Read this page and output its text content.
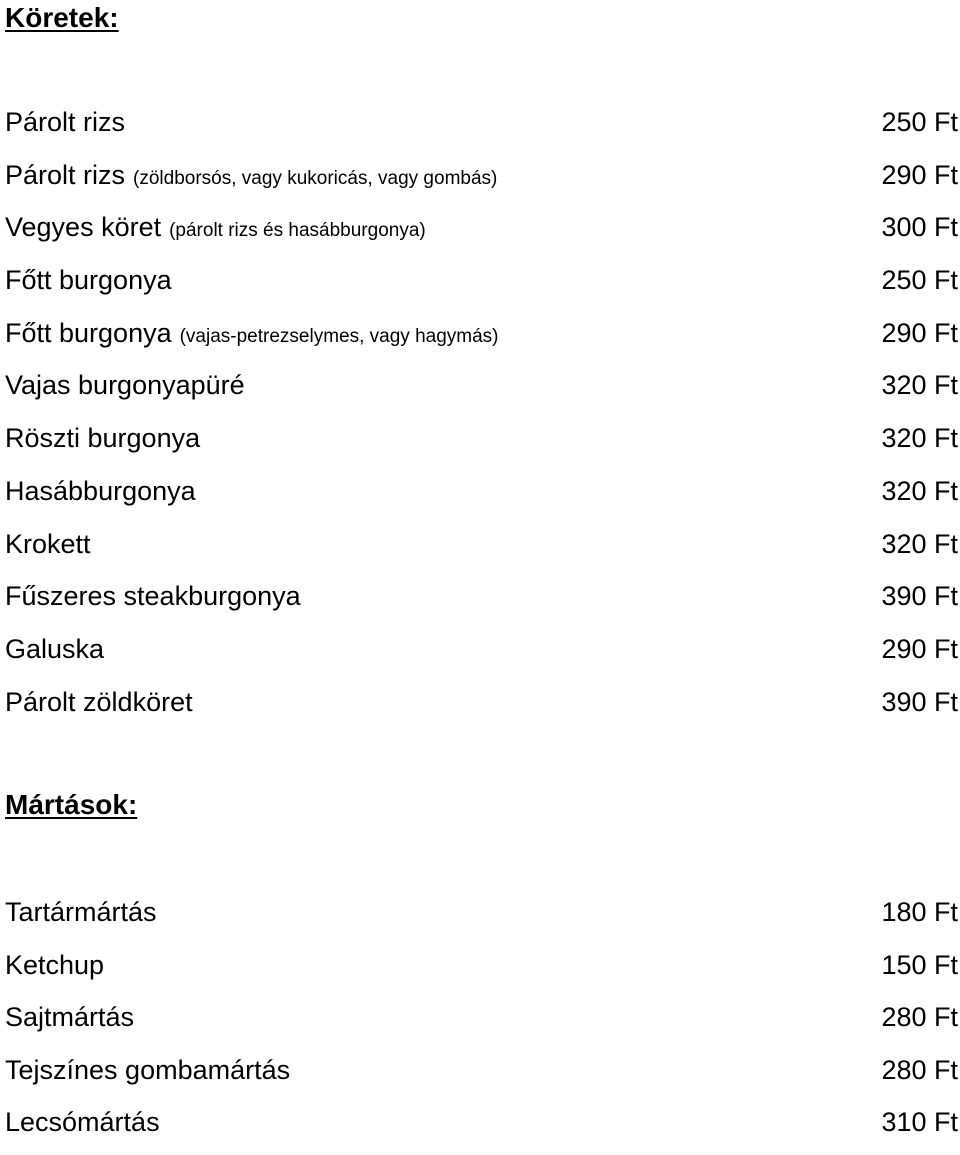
Köretek:
Párolt rizs	250 Ft
Párolt rizs (zöldborsós, vagy kukoricás, vagy gombás)	290 Ft
Vegyes köret (párolt rizs és hasábburgonya)	300 Ft
Főtt burgonya	250 Ft
Főtt burgonya (vajas-petrezselymes, vagy hagymás)	290 Ft
Vajas burgonyapüré	320 Ft
Röszti burgonya	320 Ft
Hasábburgonya	320 Ft
Krokett	320 Ft
Fűszeres steakburgonya	390 Ft
Galuska	290 Ft
Párolt zöldköret	390 Ft
Mártások:
Tartármártás	180 Ft
Ketchup	150 Ft
Sajtmártás	280 Ft
Tejszínes gombamártás	280 Ft
Lecsómártás	310 Ft
